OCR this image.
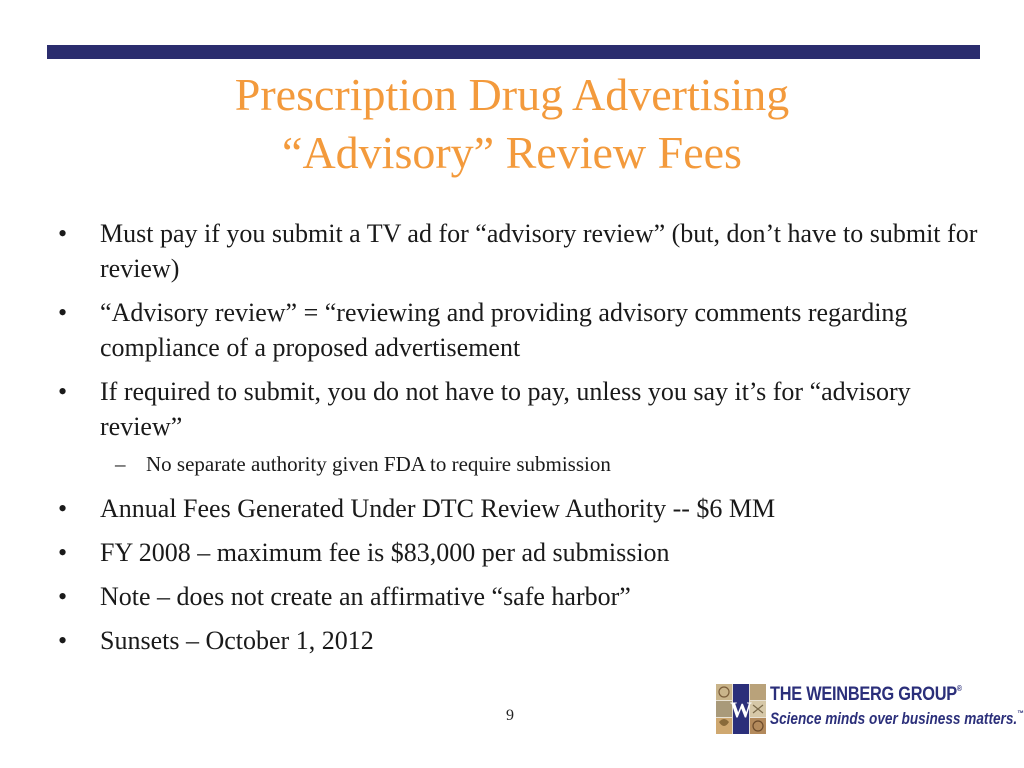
Prescription Drug Advertising
“Advisory” Review Fees
• Must pay if you submit a TV ad for “advisory review” (but, don’t have to submit for review)
• “Advisory review” = “reviewing and providing advisory comments regarding compliance of a proposed advertisement
• If required to submit, you do not have to pay, unless you say it’s for “advisory review”
– No separate authority given FDA to require submission
• Annual Fees Generated Under DTC Review Authority -- $6 MM
• FY 2008 – maximum fee is $83,000 per ad submission
• Note – does not create an affirmative “safe harbor”
• Sunsets – October 1, 2012
9	W
THE WEINBERG GROUP®
Science minds over business matters.™
